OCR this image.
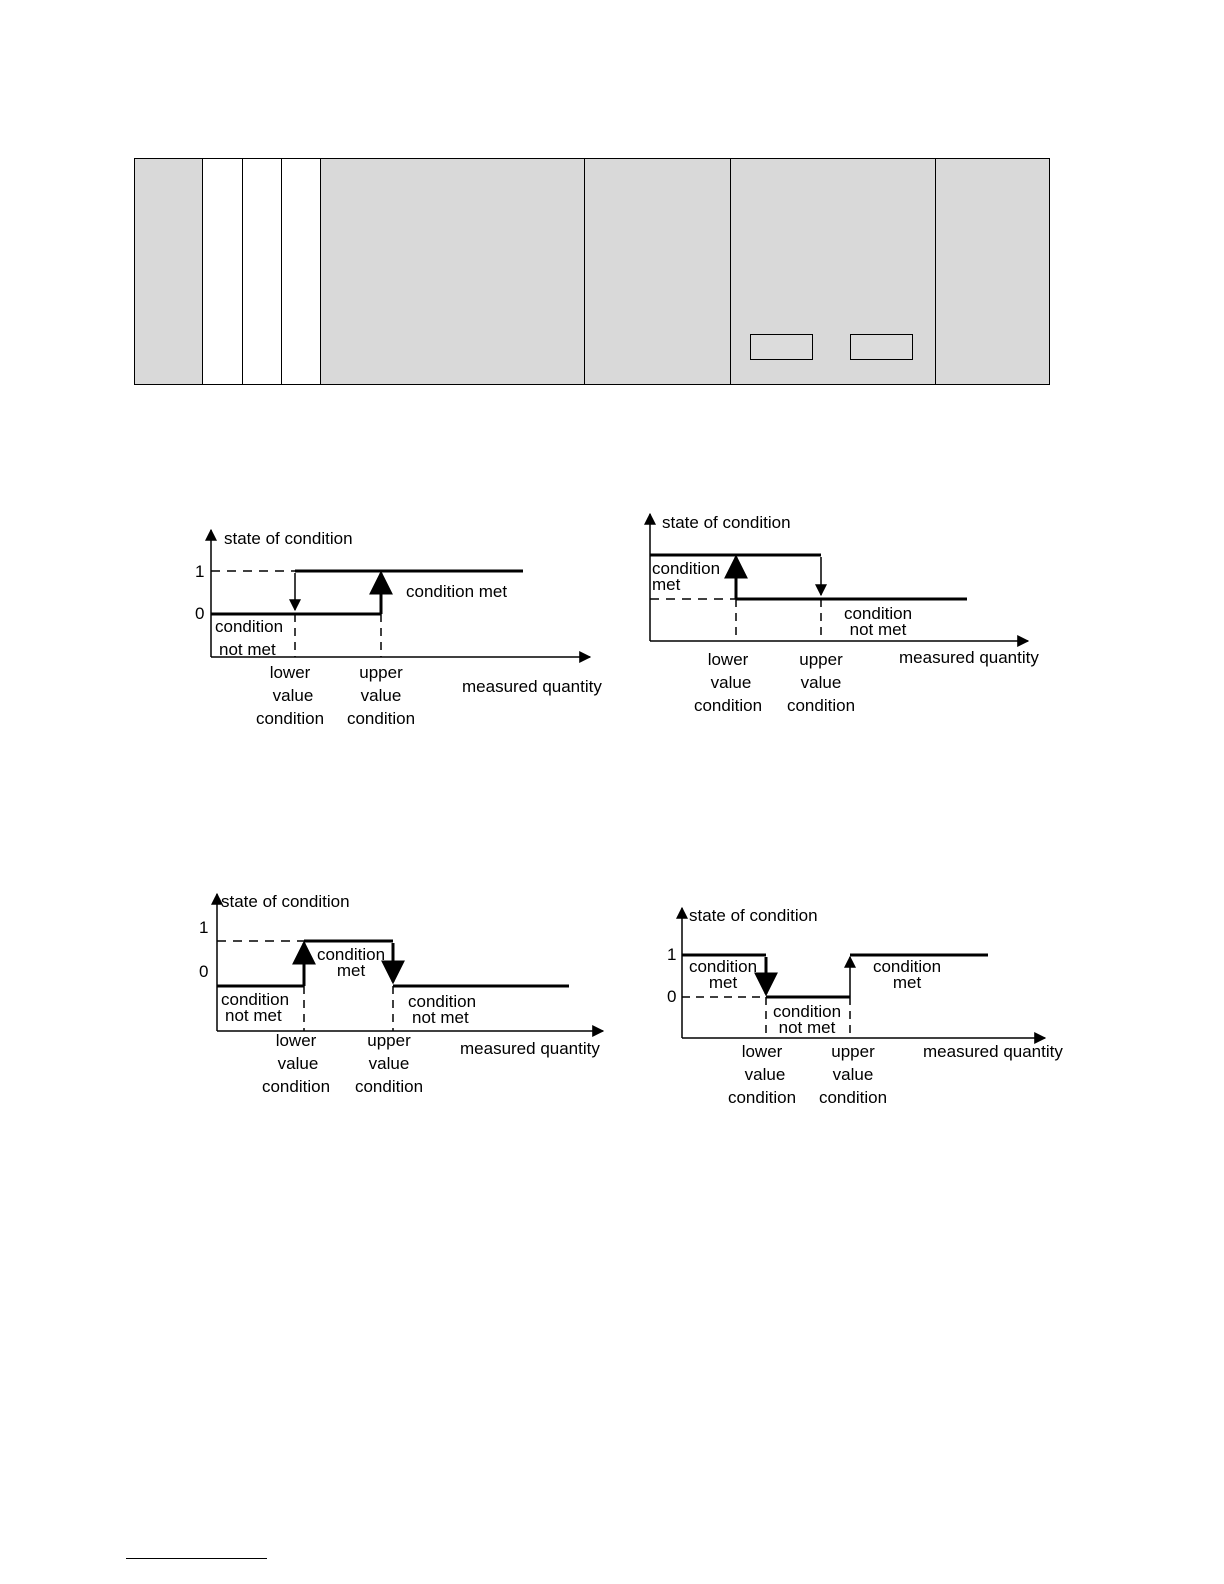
state of condition
1
0
condition met
condition
not met
lower
value
condition
upper
value
condition
measured quantity
state of condition
condition
met
condition
not met
lower
value
condition
upper
value
condition
measured quantity
state of condition
1
0
condition
met
condition
not met
condition
not met
lower
value
condition
upper
value
condition
measured quantity
state of condition
1
0
condition
met
condition
not met
condition
met
lower
value
condition
upper
value
condition
measured quantity
